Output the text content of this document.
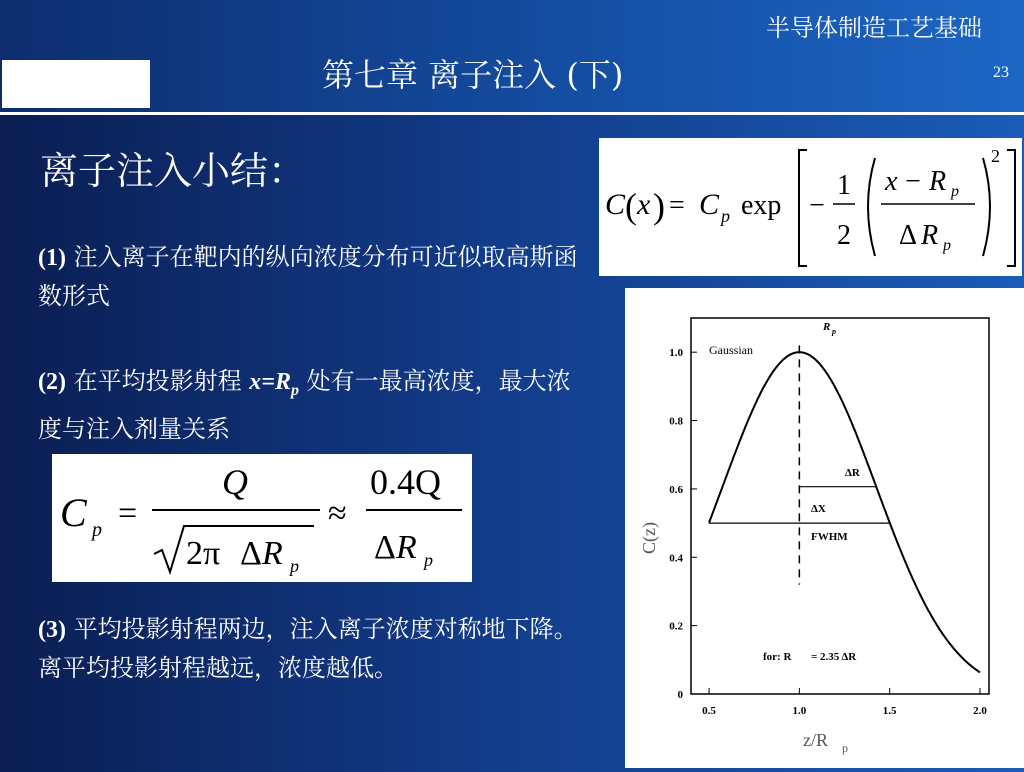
半导体制造工艺基础
第七章 离子注入 (下)	23
离子注入小结：
(1) 注入离子在靶内的纵向浓度分布可近似取高斯函数形式
(2) 在平均投影射程 $x=R_p$ 处有一最高浓度，最大浓度与注入剂量关系
C p =
Q
2π Δ R p
≈
0.4Q
Δ R p
(3) 平均投影射程两边，注入离子浓度对称地下降。离平均投影射程越远，浓度越低。
C ( x ) = C p exp −
1
2
x − R p
Δ R p
2
0
0.2
0.4
0.6
0.8
1.0
0.5	1.0	1.5	2.0
Gaussian
R p
ΔR
ΔX
FWHM
for: R = 2.35 ΔR
C(z)
z/R p
